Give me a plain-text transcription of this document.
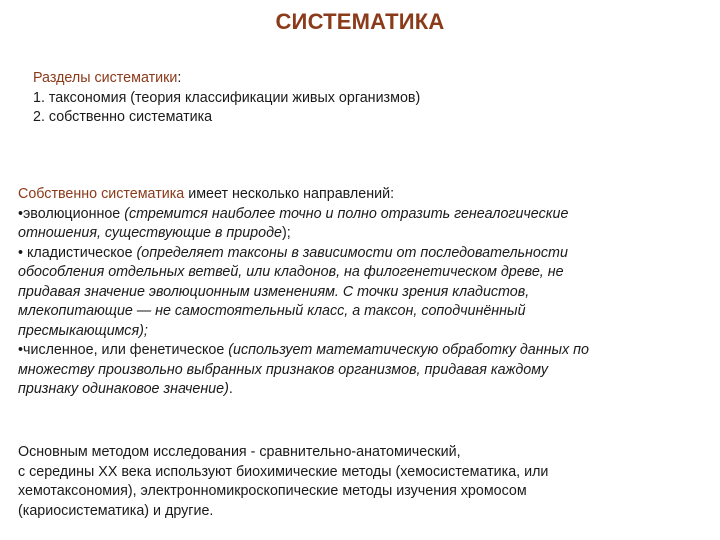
СИСТЕМАТИКА
Разделы систематики:
1. таксономия (теория классификации живых организмов)
2. собственно систематика
Собственно систематика имеет несколько направлений:
•эволюционное (стремится наиболее точно и полно отразить генеалогические
отношения, существующие в природе);
• кладистическое (определяет таксоны в зависимости от последовательности
обособления отдельных ветвей, или кладонов, на филогенетическом древе, не
придавая значение эволюционным изменениям. С точки зрения кладистов,
млекопитающие — не самостоятельный класс, а таксон, соподчинённый
пресмыкающимся);
•численное, или фенетическое (использует математическую обработку данных по
множеству произвольно выбранных признаков организмов, придавая каждому
признаку одинаковое значение).
Основным методом исследования - сравнительно-анатомический,
с середины XX века используют биохимические методы (хемосистематика, или
хемотаксономия), электронномикроскопические методы изучения хромосом
(кариосистематика) и другие.
